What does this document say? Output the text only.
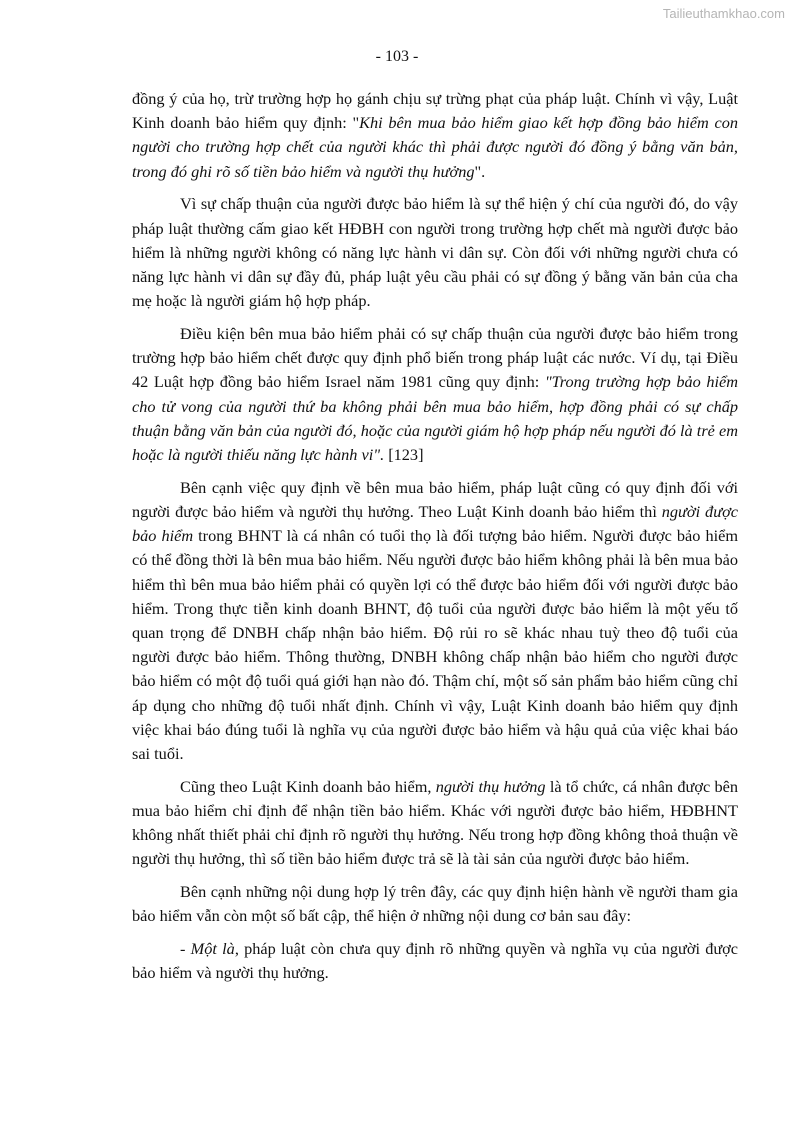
Tailieuthamkhao.com
- 103 -

đồng ý của họ, trừ trường hợp họ gánh chịu sự trừng phạt của pháp luật. Chính vì vậy, Luật Kinh doanh bảo hiểm quy định: "Khi bên mua bảo hiểm giao kết hợp đồng bảo hiểm con người cho trường hợp chết của người khác thì phải được người đó đồng ý bằng văn bản, trong đó ghi rõ số tiền bảo hiểm và người thụ hưởng".

Vì sự chấp thuận của người được bảo hiểm là sự thể hiện ý chí của người đó, do vậy pháp luật thường cấm giao kết HĐBH con người trong trường hợp chết mà người được bảo hiểm là những người không có năng lực hành vi dân sự. Còn đối với những người chưa có năng lực hành vi dân sự đầy đủ, pháp luật yêu cầu phải có sự đồng ý bằng văn bản của cha mẹ hoặc là người giám hộ hợp pháp.

Điều kiện bên mua bảo hiểm phải có sự chấp thuận của người được bảo hiểm trong trường hợp bảo hiểm chết được quy định phổ biến trong pháp luật các nước. Ví dụ, tại Điều 42 Luật hợp đồng bảo hiểm Israel năm 1981 cũng quy định: "Trong trường hợp bảo hiểm cho tử vong của người thứ ba không phải bên mua bảo hiểm, hợp đồng phải có sự chấp thuận bằng văn bản của người đó, hoặc của người giám hộ hợp pháp nếu người đó là trẻ em hoặc là người thiếu năng lực hành vi". [123]

Bên cạnh việc quy định về bên mua bảo hiểm, pháp luật cũng có quy định đối với người được bảo hiểm và người thụ hưởng. Theo Luật Kinh doanh bảo hiểm thì người được bảo hiểm trong BHNT là cá nhân có tuổi thọ là đối tượng bảo hiểm. Người được bảo hiểm có thể đồng thời là bên mua bảo hiểm. Nếu người được bảo hiểm không phải là bên mua bảo hiểm thì bên mua bảo hiểm phải có quyền lợi có thể được bảo hiểm đối với người được bảo hiểm. Trong thực tiễn kinh doanh BHNT, độ tuổi của người được bảo hiểm là một yếu tố quan trọng để DNBH chấp nhận bảo hiểm. Độ rủi ro sẽ khác nhau tuỳ theo độ tuổi của người được bảo hiểm. Thông thường, DNBH không chấp nhận bảo hiểm cho người được bảo hiểm có một độ tuổi quá giới hạn nào đó. Thậm chí, một số sản phẩm bảo hiểm cũng chỉ áp dụng cho những độ tuổi nhất định. Chính vì vậy, Luật Kinh doanh bảo hiểm quy định việc khai báo đúng tuổi là nghĩa vụ của người được bảo hiểm và hậu quả của việc khai báo sai tuổi.

Cũng theo Luật Kinh doanh bảo hiểm, người thụ hưởng là tổ chức, cá nhân được bên mua bảo hiểm chỉ định để nhận tiền bảo hiểm. Khác với người được bảo hiểm, HĐBHNT không nhất thiết phải chỉ định rõ người thụ hưởng. Nếu trong hợp đồng không thoả thuận về người thụ hưởng, thì số tiền bảo hiểm được trả sẽ là tài sản của người được bảo hiểm.

Bên cạnh những nội dung hợp lý trên đây, các quy định hiện hành về người tham gia bảo hiểm vẫn còn một số bất cập, thể hiện ở những nội dung cơ bản sau đây:

- Một là, pháp luật còn chưa quy định rõ những quyền và nghĩa vụ của người được bảo hiểm và người thụ hưởng.
